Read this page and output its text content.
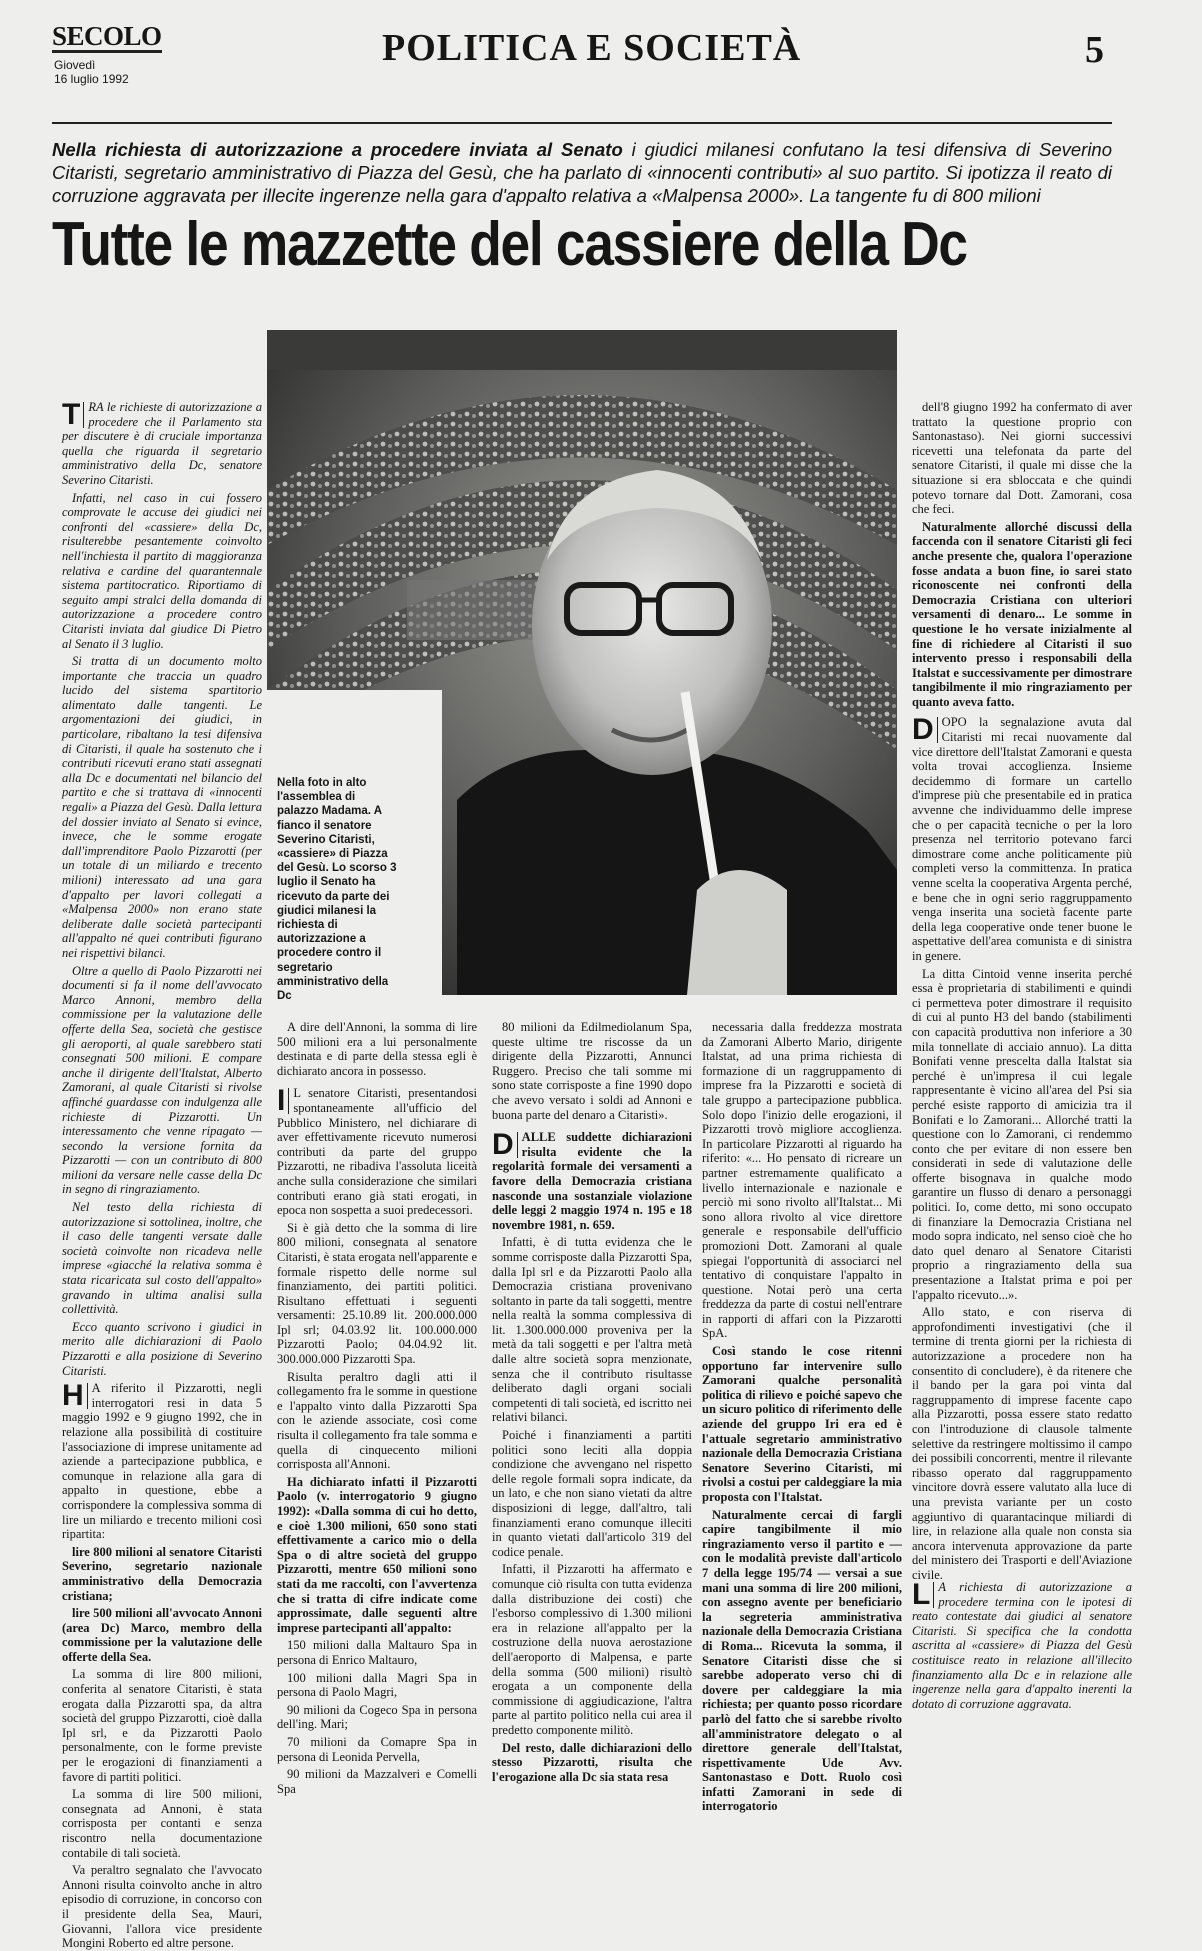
SECOLO
Giovedì
16 luglio 1992
POLITICA E SOCIETÀ	5
Nella richiesta di autorizzazione a procedere inviata al Senato i giudici milanesi confutano la tesi difensiva di Severino Citaristi, segretario amministrativo di Piazza del Gesù, che ha parlato di «innocenti contributi» al suo partito. Si ipotizza il reato di corruzione aggravata per illecite ingerenze nella gara d'appalto relativa a «Malpensa 2000». La tangente fu di 800 milioni
Tutte le mazzette del cassiere della Dc

T RA le richieste di autorizzazione a procedere che il Parlamento sta per discutere è di cruciale importanza quella che riguarda il segretario amministrativo della Dc, senatore Severino Citaristi.

Infatti, nel caso in cui fossero comprovate le accuse dei giudici nei confronti del «cassiere» della Dc, risulterebbe pesantemente coinvolto nell'inchiesta il partito di maggioranza relativa e cardine del quarantennale sistema partitocratico. Riportiamo di seguito ampi stralci della domanda di autorizzazione a procedere contro Citaristi inviata dal giudice Di Pietro al Senato il 3 luglio.

Si tratta di un documento molto importante che traccia un quadro lucido del sistema spartitorio alimentato dalle tangenti. Le argomentazioni dei giudici, in particolare, ribaltano la tesi difensiva di Citaristi, il quale ha sostenuto che i contributi ricevuti erano stati assegnati alla Dc e documentati nel bilancio del partito e che si trattava di «innocenti regali» a Piazza del Gesù. Dalla lettura del dossier inviato al Senato si evince, invece, che le somme erogate dall'imprenditore Paolo Pizzarotti (per un totale di un miliardo e trecento milioni) interessato ad una gara d'appalto per lavori collegati a «Malpensa 2000» non erano state deliberate dalle società partecipanti all'appalto né quei contributi figurano nei rispettivi bilanci.

Oltre a quello di Paolo Pizzarotti nei documenti si fa il nome dell'avvocato Marco Annoni, membro della commissione per la valutazione delle offerte della Sea, società che gestisce gli aeroporti, al quale sarebbero stati consegnati 500 milioni. E compare anche il dirigente dell'Italstat, Alberto Zamorani, al quale Citaristi si rivolse affinché guardasse con indulgenza alle richieste di Pizzarotti. Un interessamento che venne ripagato — secondo la versione fornita da Pizzarotti — con un contributo di 800 milioni da versare nelle casse della Dc in segno di ringraziamento.

Nel testo della richiesta di autorizzazione si sottolinea, inoltre, che il caso delle tangenti versate dalle società coinvolte non ricadeva nelle imprese «giacché la relativa somma è stata ricaricata sul costo dell'appalto» gravando in ultima analisi sulla collettività.

Ecco quanto scrivono i giudici in merito alle dichiarazioni di Paolo Pizzarotti e alla posizione di Severino Citaristi.

H A riferito il Pizzarotti, negli interrogatori resi in data 5 maggio 1992 e 9 giugno 1992, che in relazione alla possibilità di costituire l'associazione di imprese unitamente ad aziende a partecipazione pubblica, e comunque in relazione alla gara di appalto in questione, ebbe a corrispondere la complessiva somma di lire un miliardo e trecento milioni così ripartita:

lire 800 milioni al senatore Citaristi Severino, segretario nazionale amministrativo della Democrazia cristiana;

lire 500 milioni all'avvocato Annoni (area Dc) Marco, membro della commissione per la valutazione delle offerte della Sea.

La somma di lire 800 milioni, conferita al senatore Citaristi, è stata erogata dalla Pizzarotti spa, da altra società del gruppo Pizzarotti, cioè dalla Ipl srl, e da Pizzarotti Paolo personalmente, con le forme previste per le erogazioni di finanziamenti a favore di partiti politici.

La somma di lire 500 milioni, consegnata ad Annoni, è stata corrisposta per contanti e senza riscontro nella documentazione contabile di tali società.

Va peraltro segnalato che l'avvocato Annoni risulta coinvolto anche in altro episodio di corruzione, in concorso con il presidente della Sea, Mauri, Giovanni, l'allora vice presidente Mongini Roberto ed altre persone.

Nella foto in alto l'assemblea di palazzo Madama. A fianco il senatore Severino Citaristi, «cassiere» di Piazza del Gesù. Lo scorso 3 luglio il Senato ha ricevuto da parte dei giudici milanesi la richiesta di autorizzazione a procedere contro il segretario amministrativo della Dc

A dire dell'Annoni, la somma di lire 500 milioni era a lui personalmente destinata e di parte della stessa egli è dichiarato ancora in possesso.

I L senatore Citaristi, presentandosi spontaneamente all'ufficio del Pubblico Ministero, nel dichiarare di aver effettivamente ricevuto numerosi contributi da parte del gruppo Pizzarotti, ne ribadiva l'assoluta liceità anche sulla considerazione che similari contributi erano già stati erogati, in epoca non sospetta a suoi predecessori.

Si è già detto che la somma di lire 800 milioni, consegnata al senatore Citaristi, è stata erogata nell'apparente e formale rispetto delle norme sul finanziamento, dei partiti politici. Risultano effettuati i seguenti versamenti: 25.10.89 lit. 200.000.000 Ipl srl; 04.03.92 lit. 100.000.000 Pizzarotti Paolo; 04.04.92 lit. 300.000.000 Pizzarotti Spa.

Risulta peraltro dagli atti il collegamento fra le somme in questione e l'appalto vinto dalla Pizzarotti Spa con le aziende associate, così come risulta il collegamento fra tale somma e quella di cinquecento milioni corrisposta all'Annoni.

Ha dichiarato infatti il Pizzarotti Paolo (v. interrogatorio 9 giugno 1992): «Dalla somma di cui ho detto, e cioè 1.300 milioni, 650 sono stati effettivamente a carico mio o della Spa o di altre società del gruppo Pizzarotti, mentre 650 milioni sono stati da me raccolti, con l'avvertenza che si tratta di cifre indicate come approssimate, dalle seguenti altre imprese partecipanti all'appalto:

150 milioni dalla Maltauro Spa in persona di Enrico Maltauro,

100 milioni dalla Magri Spa in persona di Paolo Magri,

90 milioni da Cogeco Spa in persona dell'ing. Mari;

70 milioni da Comapre Spa in persona di Leonida Pervella,

90 milioni da Mazzalveri e Comelli Spa

80 milioni da Edilmediolanum Spa, queste ultime tre riscosse da un dirigente della Pizzarotti, Annunci Ruggero. Preciso che tali somme mi sono state corrisposte a fine 1990 dopo che avevo versato i soldi ad Annoni e buona parte del denaro a Citaristi».

D ALLE suddette dichiarazioni risulta evidente che la regolarità formale dei versamenti a favore della Democrazia cristiana nasconde una sostanziale violazione delle leggi 2 maggio 1974 n. 195 e 18 novembre 1981, n. 659.

Infatti, è di tutta evidenza che le somme corrisposte dalla Pizzarotti Spa, dalla Ipl srl e da Pizzarotti Paolo alla Democrazia cristiana provenivano soltanto in parte da tali soggetti, mentre nella realtà la somma complessiva di lit. 1.300.000.000 proveniva per la metà da tali soggetti e per l'altra metà dalle altre società sopra menzionate, senza che il contributo risultasse deliberato dagli organi sociali competenti di tali società, ed iscritto nei relativi bilanci.

Poiché i finanziamenti a partiti politici sono leciti alla doppia condizione che avvengano nel rispetto delle regole formali sopra indicate, da un lato, e che non siano vietati da altre disposizioni di legge, dall'altro, tali finanziamenti erano comunque illeciti in quanto vietati dall'articolo 319 del codice penale.

Infatti, il Pizzarotti ha affermato e comunque ciò risulta con tutta evidenza dalla distribuzione dei costi) che l'esborso complessivo di 1.300 milioni era in relazione all'appalto per la costruzione della nuova aerostazione dell'aeroporto di Malpensa, e parte della somma (500 milioni) risultò erogata a un componente della commissione di aggiudicazione, l'altra parte al partito politico nella cui area il predetto componente militò.

Del resto, dalle dichiarazioni dello stesso Pizzarotti, risulta che l'erogazione alla Dc sia stata resa

necessaria dalla freddezza mostrata da Zamorani Alberto Mario, dirigente Italstat, ad una prima richiesta di formazione di un raggruppamento di imprese fra la Pizzarotti e società di tale gruppo a partecipazione pubblica. Solo dopo l'inizio delle erogazioni, il Pizzarotti trovò migliore accoglienza. In particolare Pizzarotti al riguardo ha riferito: «... Ho pensato di ricreare un partner estremamente qualificato a livello internazionale e nazionale e perciò mi sono rivolto all'Italstat... Mi sono allora rivolto al vice direttore generale e responsabile dell'ufficio promozioni Dott. Zamorani al quale spiegai l'opportunità di associarci nel tentativo di conquistare l'appalto in questione. Notai però una certa freddezza da parte di costui nell'entrare in rapporti di affari con la Pizzarotti SpA.

Così stando le cose ritenni opportuno far intervenire sullo Zamorani qualche personalità politica di rilievo e poiché sapevo che un sicuro politico di riferimento delle aziende del gruppo Iri era ed è l'attuale segretario amministrativo nazionale della Democrazia Cristiana Senatore Severino Citaristi, mi rivolsi a costui per caldeggiare la mia proposta con l'Italstat.

Naturalmente cercai di fargli capire tangibilmente il mio ringraziamento verso il partito e — con le modalità previste dall'articolo 7 della legge 195/74 — versai a sue mani una somma di lire 200 milioni, con assegno avente per beneficiario la segreteria amministrativa nazionale della Democrazia Cristiana di Roma... Ricevuta la somma, il Senatore Citaristi disse che si sarebbe adoperato verso chi di dovere per caldeggiare la mia richiesta; per quanto posso ricordare parlò del fatto che si sarebbe rivolto all'amministratore delegato o al direttore generale dell'Italstat, rispettivamente Ude Avv. Santonastaso e Dott. Ruolo così infatti Zamorani in sede di interrogatorio

dell'8 giugno 1992 ha confermato di aver trattato la questione proprio con Santonastaso). Nei giorni successivi ricevetti una telefonata da parte del senatore Citaristi, il quale mi disse che la situazione si era sbloccata e che quindi potevo tornare dal Dott. Zamorani, cosa che feci.

Naturalmente allorché discussi della faccenda con il senatore Citaristi gli feci anche presente che, qualora l'operazione fosse andata a buon fine, io sarei stato riconoscente nei confronti della Democrazia Cristiana con ulteriori versamenti di denaro... Le somme in questione le ho versate inizialmente al fine di richiedere al Citaristi il suo intervento presso i responsabili della Italstat e successivamente per dimostrare tangibilmente il mio ringraziamento per quanto aveva fatto.

D OPO la segnalazione avuta dal Citaristi mi recai nuovamente dal vice direttore dell'Italstat Zamorani e questa volta trovai accoglienza. Insieme decidemmo di formare un cartello d'imprese più che presentabile ed in pratica avvenne che individuammo delle imprese che o per capacità tecniche o per la loro presenza nel territorio potevano farci dimostrare come anche politicamente più completi verso la committenza. In pratica venne scelta la cooperativa Argenta perché, e bene che in ogni serio raggruppamento venga inserita una società facente parte della lega cooperative onde tener buone le aspettative dell'area comunista e di sinistra in genere.

La ditta Cintoid venne inserita perché essa è proprietaria di stabilimenti e quindi ci permetteva poter dimostrare il requisito di cui al punto H3 del bando (stabilimenti con capacità produttiva non inferiore a 30 mila tonnellate di acciaio annuo). La ditta Bonifati venne prescelta dalla Italstat sia perché è un'impresa il cui legale rappresentante è vicino all'area del Psi sia perché esiste rapporto di amicizia tra il Bonifati e lo Zamorani... Allorché tratti la questione con lo Zamorani, ci rendemmo conto che per evitare di non essere ben considerati in sede di valutazione delle offerte bisognava in qualche modo garantire un flusso di denaro a personaggi politici. Io, come detto, mi sono occupato di finanziare la Democrazia Cristiana nel modo sopra indicato, nel senso cioè che ho dato quel denaro al Senatore Citaristi proprio a ringraziamento della sua presentazione a Italstat prima e poi per l'appalto ricevuto...».

Allo stato, e con riserva di approfondimenti investigativi (che il termine di trenta giorni per la richiesta di autorizzazione a procedere non ha consentito di concludere), è da ritenere che il bando per la gara poi vinta dal raggruppamento di imprese facente capo alla Pizzarotti, possa essere stato redatto con l'introduzione di clausole talmente selettive da restringere moltissimo il campo dei possibili concorrenti, mentre il rilevante ribasso operato dal raggruppamento vincitore dovrà essere valutato alla luce di una prevista variante per un costo aggiuntivo di quarantacinque miliardi di lire, in relazione alla quale non consta sia ancora intervenuta approvazione da parte del ministero dei Trasporti e dell'Aviazione civile.

L A richiesta di autorizzazione a procedere termina con le ipotesi di reato contestate dai giudici al senatore Citaristi. Si specifica che la condotta ascritta al «cassiere» di Piazza del Gesù costituisce reato in relazione all'illecito finanziamento alla Dc e in relazione alle ingerenze nella gara d'appalto inerenti la dotato di corruzione aggravata.
